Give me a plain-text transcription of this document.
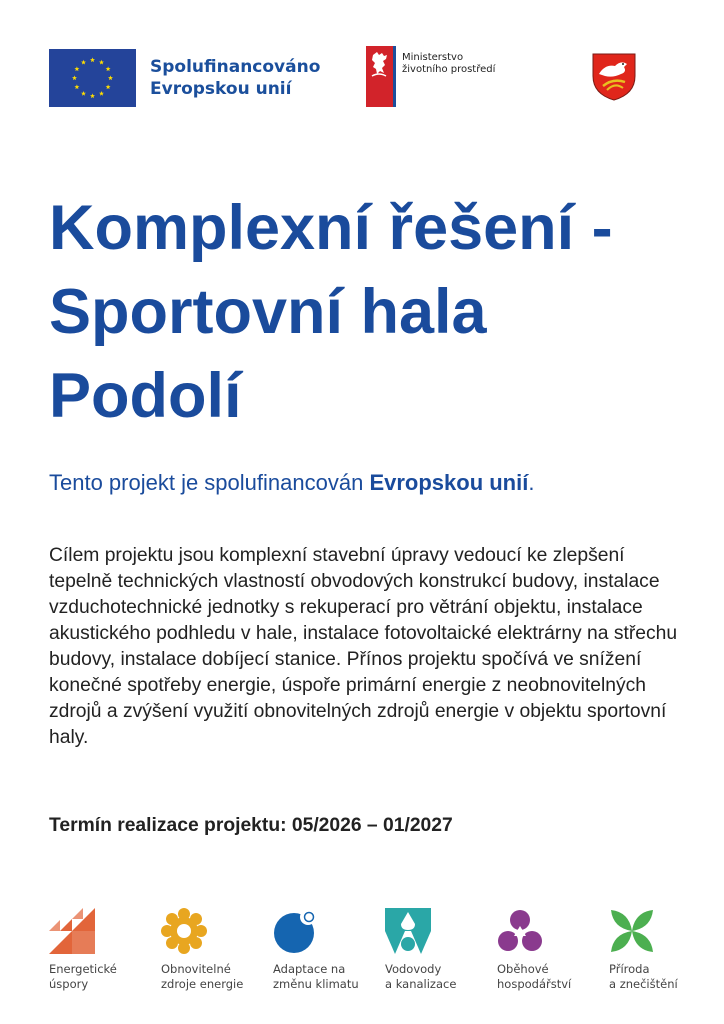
Spolufinancováno
Evropskou unií
Ministerstvo
životního prostředí
Komplexní řešení -
Sportovní hala
Podolí

Tento projekt je spolufinancován Evropskou unií.

Cílem projektu jsou komplexní stavební úpravy vedoucí ke zlepšení tepelně technických vlastností obvodových konstrukcí budovy, instalace vzduchotechnické jednotky s rekuperací pro větrání objektu, instalace akustického podhledu v hale, instalace fotovoltaické elektrárny na střechu budovy, instalace dobíjecí stanice. Přínos projektu spočívá ve snížení konečné spotřeby energie, úspoře primární energie z neobnovitelných zdrojů a zvýšení využití obnovitelných zdrojů energie v objektu sportovní haly.

Termín realizace projektu: 05/2026 – 01/2027

Energetické
úspory
Obnovitelné
zdroje energie
Adaptace na
změnu klimatu
Vodovody
a kanalizace
Oběhové
hospodářství
Příroda
a znečištění
